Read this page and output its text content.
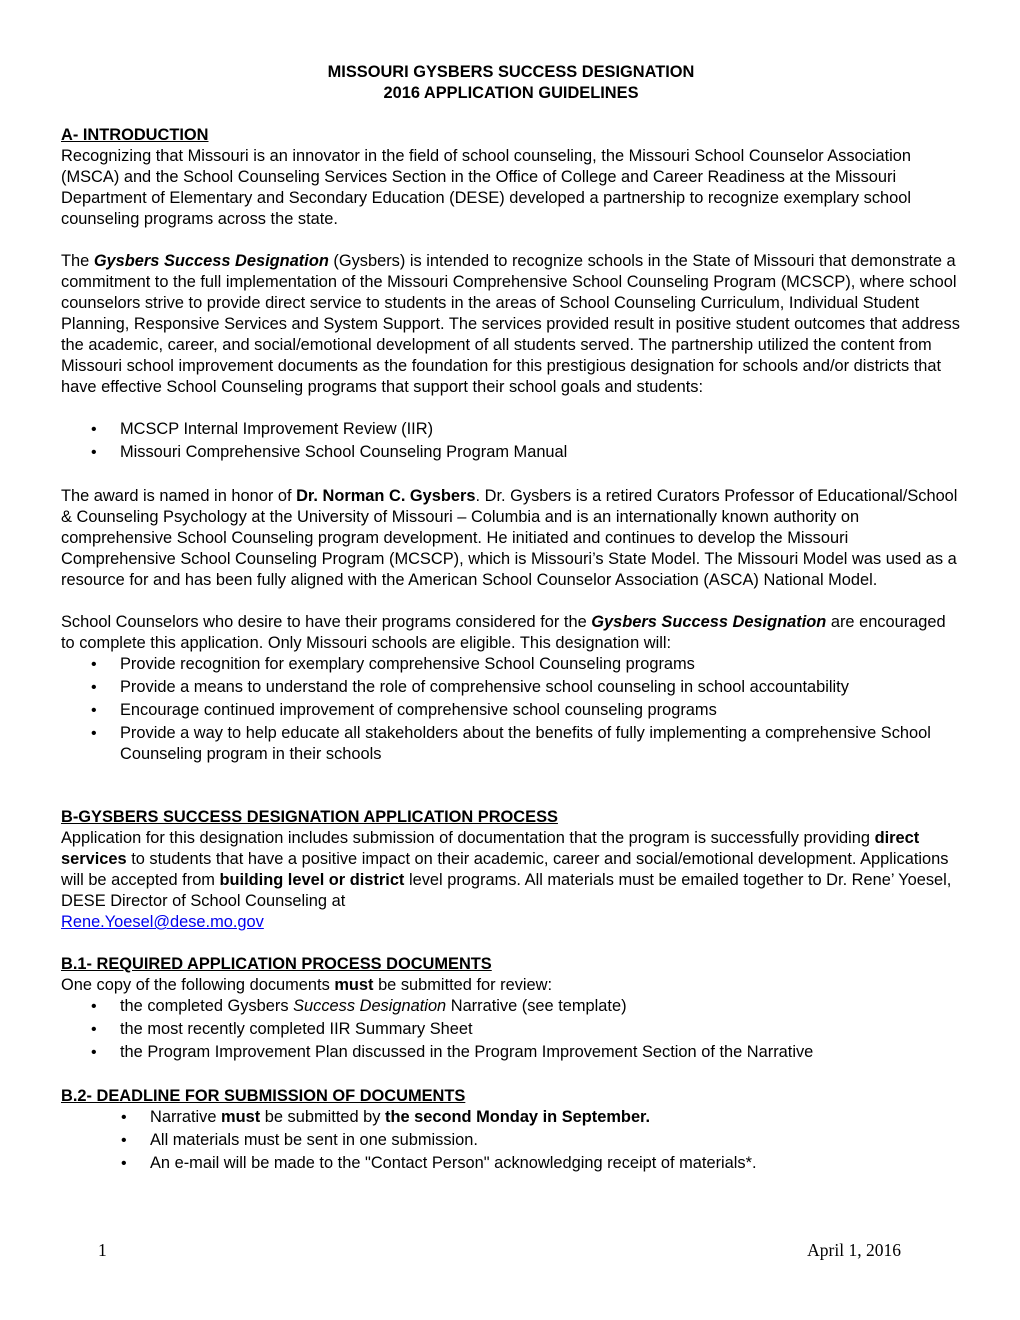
MISSOURI GYSBERS SUCCESS DESIGNATION
2016 APPLICATION GUIDELINES
A- INTRODUCTION

Recognizing that Missouri is an innovator in the field of school counseling, the Missouri School Counselor Association (MSCA) and the School Counseling Services Section in the Office of College and Career Readiness at the Missouri Department of Elementary and Secondary Education (DESE) developed a partnership to recognize exemplary school counseling programs across the state.

The Gysbers Success Designation (Gysbers) is intended to recognize schools in the State of Missouri that demonstrate a commitment to the full implementation of the Missouri Comprehensive School Counseling Program (MCSCP), where school counselors strive to provide direct service to students in the areas of School Counseling Curriculum, Individual Student Planning, Responsive Services and System Support. The services provided result in positive student outcomes that address the academic, career, and social/emotional development of all students served. The partnership utilized the content from Missouri school improvement documents as the foundation for this prestigious designation for schools and/or districts that have effective School Counseling programs that support their school goals and students:

• MCSCP Internal Improvement Review (IIR)
• Missouri Comprehensive School Counseling Program Manual

The award is named in honor of Dr. Norman C. Gysbers. Dr. Gysbers is a retired Curators Professor of Educational/School & Counseling Psychology at the University of Missouri – Columbia and is an internationally known authority on comprehensive School Counseling program development. He initiated and continues to develop the Missouri Comprehensive School Counseling Program (MCSCP), which is Missouri’s State Model. The Missouri Model was used as a resource for and has been fully aligned with the American School Counselor Association (ASCA) National Model.

School Counselors who desire to have their programs considered for the Gysbers Success Designation are encouraged to complete this application. Only Missouri schools are eligible. This designation will:

• Provide recognition for exemplary comprehensive School Counseling programs
• Provide a means to understand the role of comprehensive school counseling in school accountability
• Encourage continued improvement of comprehensive school counseling programs
• Provide a way to help educate all stakeholders about the benefits of fully implementing a comprehensive School Counseling program in their schools
B-GYSBERS SUCCESS DESIGNATION APPLICATION PROCESS

Application for this designation includes submission of documentation that the program is successfully providing direct services to students that have a positive impact on their academic, career and social/emotional development. Applications will be accepted from building level or district level programs. All materials must be emailed together to Dr. Rene’ Yoesel, DESE Director of School Counseling at
Rene.Yoesel@dese.mo.gov

B.1- REQUIRED APPLICATION PROCESS DOCUMENTS

One copy of the following documents must be submitted for review:

• the completed Gysbers Success Designation Narrative (see template)
• the most recently completed IIR Summary Sheet
• the Program Improvement Plan discussed in the Program Improvement Section of the Narrative
B.2- DEADLINE FOR SUBMISSION OF DOCUMENTS
• Narrative must be submitted by the second Monday in September.
• All materials must be sent in one submission.
• An e-mail will be made to the "Contact Person" acknowledging receipt of materials*.
1	April 1, 2016
